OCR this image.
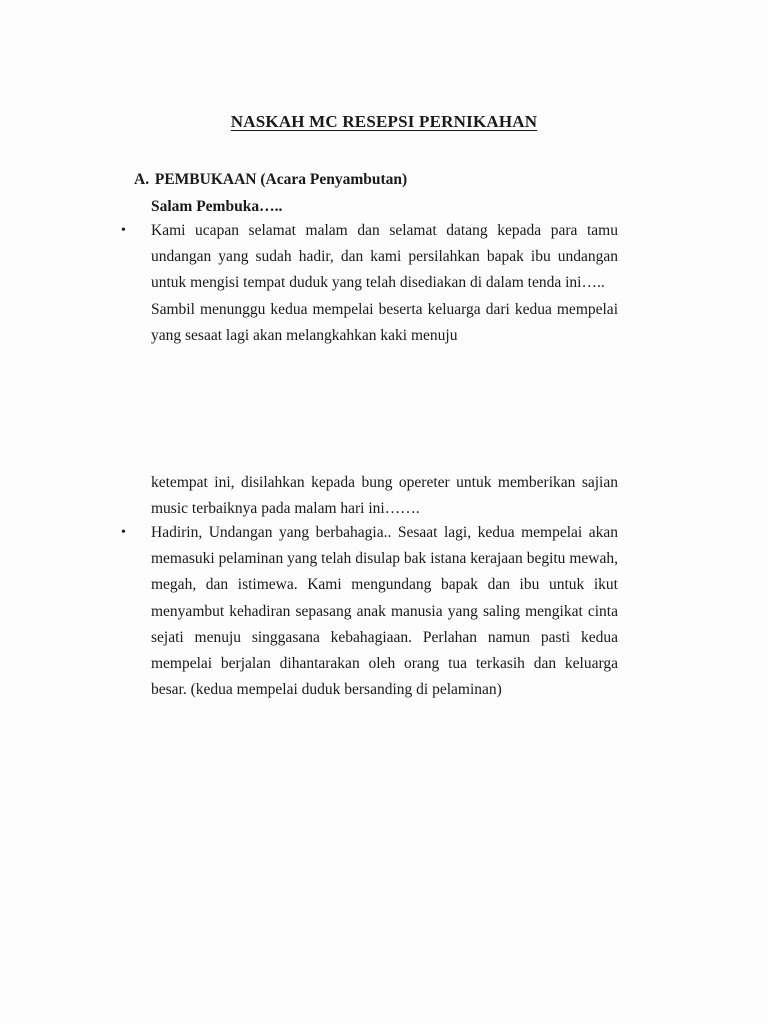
NASKAH MC RESEPSI PERNIKAHAN
A. PEMBUKAAN (Acara Penyambutan)
Salam Pembuka…..
• Kami ucapan selamat malam dan selamat datang kepada para tamu undangan yang sudah hadir, dan kami persilahkan bapak ibu undangan untuk mengisi tempat duduk yang telah disediakan di dalam tenda ini…..

Sambil menunggu kedua mempelai beserta keluarga dari kedua mempelai yang sesaat lagi akan melangkahkan kaki menuju

ketempat ini, disilahkan kepada bung opereter untuk memberikan sajian music terbaiknya pada malam hari ini…….

• Hadirin, Undangan yang berbahagia.. Sesaat lagi, kedua mempelai akan memasuki pelaminan yang telah disulap bak istana kerajaan begitu mewah, megah, dan istimewa. Kami mengundang bapak dan ibu untuk ikut menyambut kehadiran sepasang anak manusia yang saling mengikat cinta sejati menuju singgasana kebahagiaan. Perlahan namun pasti kedua mempelai berjalan dihantarakan oleh orang tua terkasih dan keluarga besar. (kedua mempelai duduk bersanding di pelaminan)
